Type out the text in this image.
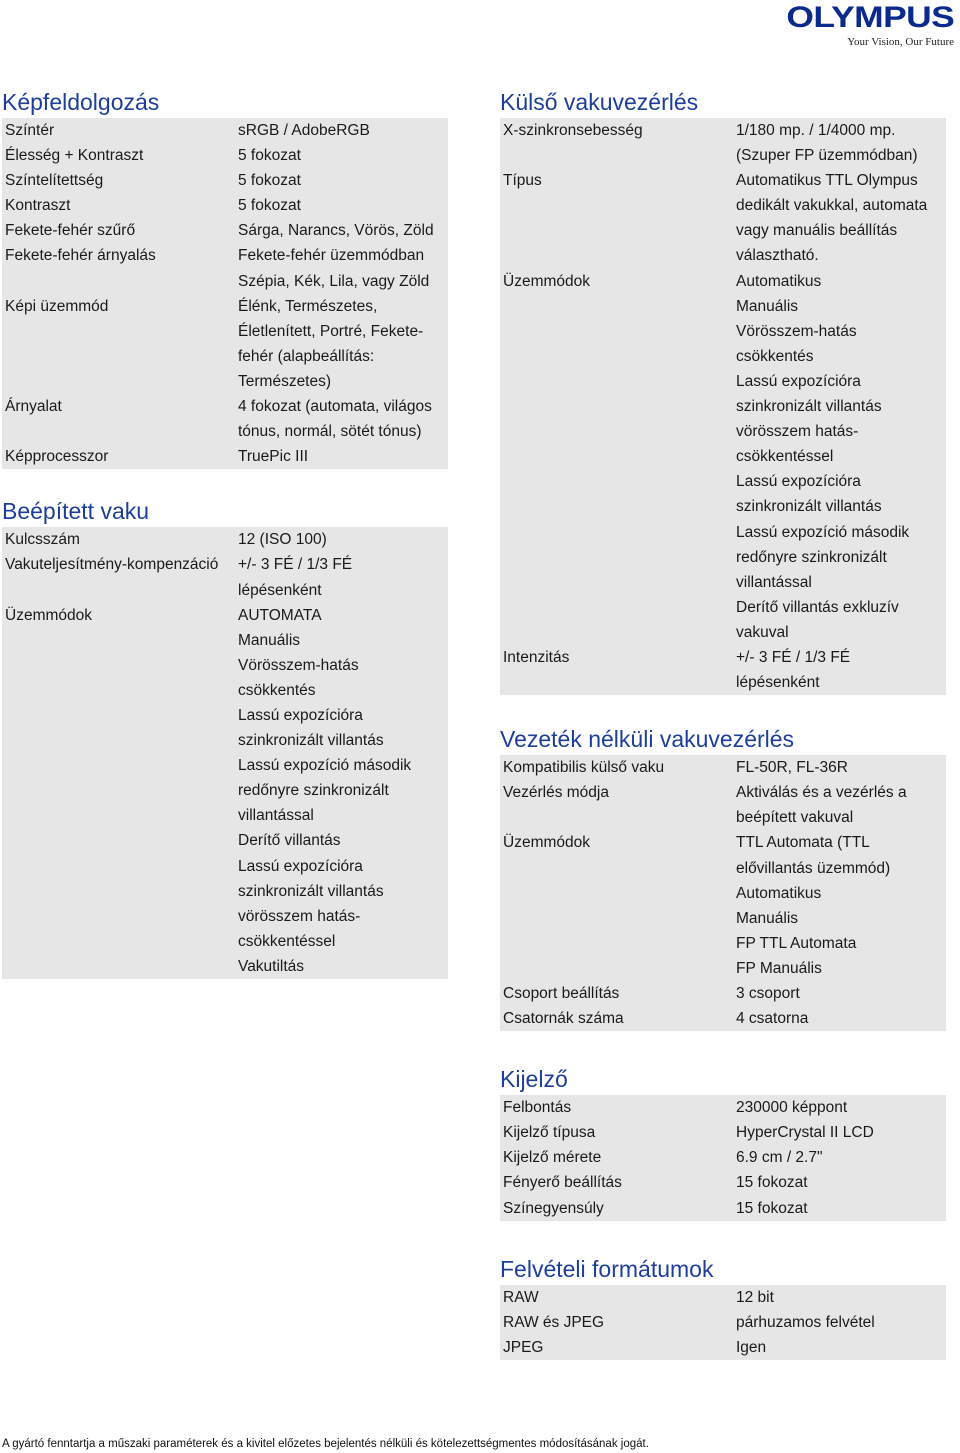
OLYMPUS
Your Vision, Our Future
Képfeldolgozás
Színtér	sRGB / AdobeRGB
Élesség + Kontraszt	5 fokozat
Színtelítettség	5 fokozat
Kontraszt	5 fokozat
Fekete-fehér szűrő	Sárga, Narancs, Vörös, Zöld
Fekete-fehér árnyalás	Fekete-fehér üzemmódban
Szépia, Kék, Lila, vagy Zöld
Képi üzemmód	Élénk, Természetes,
Életlenített, Portré, Fekete-
fehér (alapbeállítás:
Természetes)
Árnyalat	4 fokozat (automata, világos
tónus, normál, sötét tónus)
Képprocesszor	TruePic III
Beépített vaku
Kulcsszám	12 (ISO 100)
Vakuteljesítmény-kompenzáció	+/- 3 FÉ / 1/3 FÉ
lépésenként
Üzemmódok	AUTOMATA
Manuális
Vörösszem-hatás
csökkentés
Lassú expozícióra
szinkronizált villantás
Lassú expozíció második
redőnyre szinkronizált
villantással
Derítő villantás
Lassú expozícióra
szinkronizált villantás
vörösszem hatás-
csökkentéssel
Vakutiltás
Külső vakuvezérlés
X-szinkronsebesség	1/180 mp. / 1/4000 mp.
(Szuper FP üzemmódban)
Típus	Automatikus TTL Olympus
dedikált vakukkal, automata
vagy manuális beállítás
választható.
Üzemmódok	Automatikus
Manuális
Vörösszem-hatás
csökkentés
Lassú expozícióra
szinkronizált villantás
vörösszem hatás-
csökkentéssel
Lassú expozícióra
szinkronizált villantás
Lassú expozíció második
redőnyre szinkronizált
villantással
Derítő villantás exkluzív
vakuval
Intenzitás	+/- 3 FÉ / 1/3 FÉ
lépésenként
Vezeték nélküli vakuvezérlés
Kompatibilis külső vaku	FL-50R, FL-36R
Vezérlés módja	Aktiválás és a vezérlés a
beépített vakuval
Üzemmódok	TTL Automata (TTL
elővillantás üzemmód)
Automatikus
Manuális
FP TTL Automata
FP Manuális
Csoport beállítás	3 csoport
Csatornák száma	4 csatorna
Kijelző
Felbontás	230000 képpont
Kijelző típusa	HyperCrystal II LCD
Kijelző mérete	6.9 cm / 2.7"
Fényerő beállítás	15 fokozat
Színegyensúly	15 fokozat
Felvételi formátumok
RAW	12 bit
RAW és JPEG	párhuzamos felvétel
JPEG	Igen
A gyártó fenntartja a műszaki paraméterek és a kivitel előzetes bejelentés nélküli és kötelezettségmentes módosításának jogát.
